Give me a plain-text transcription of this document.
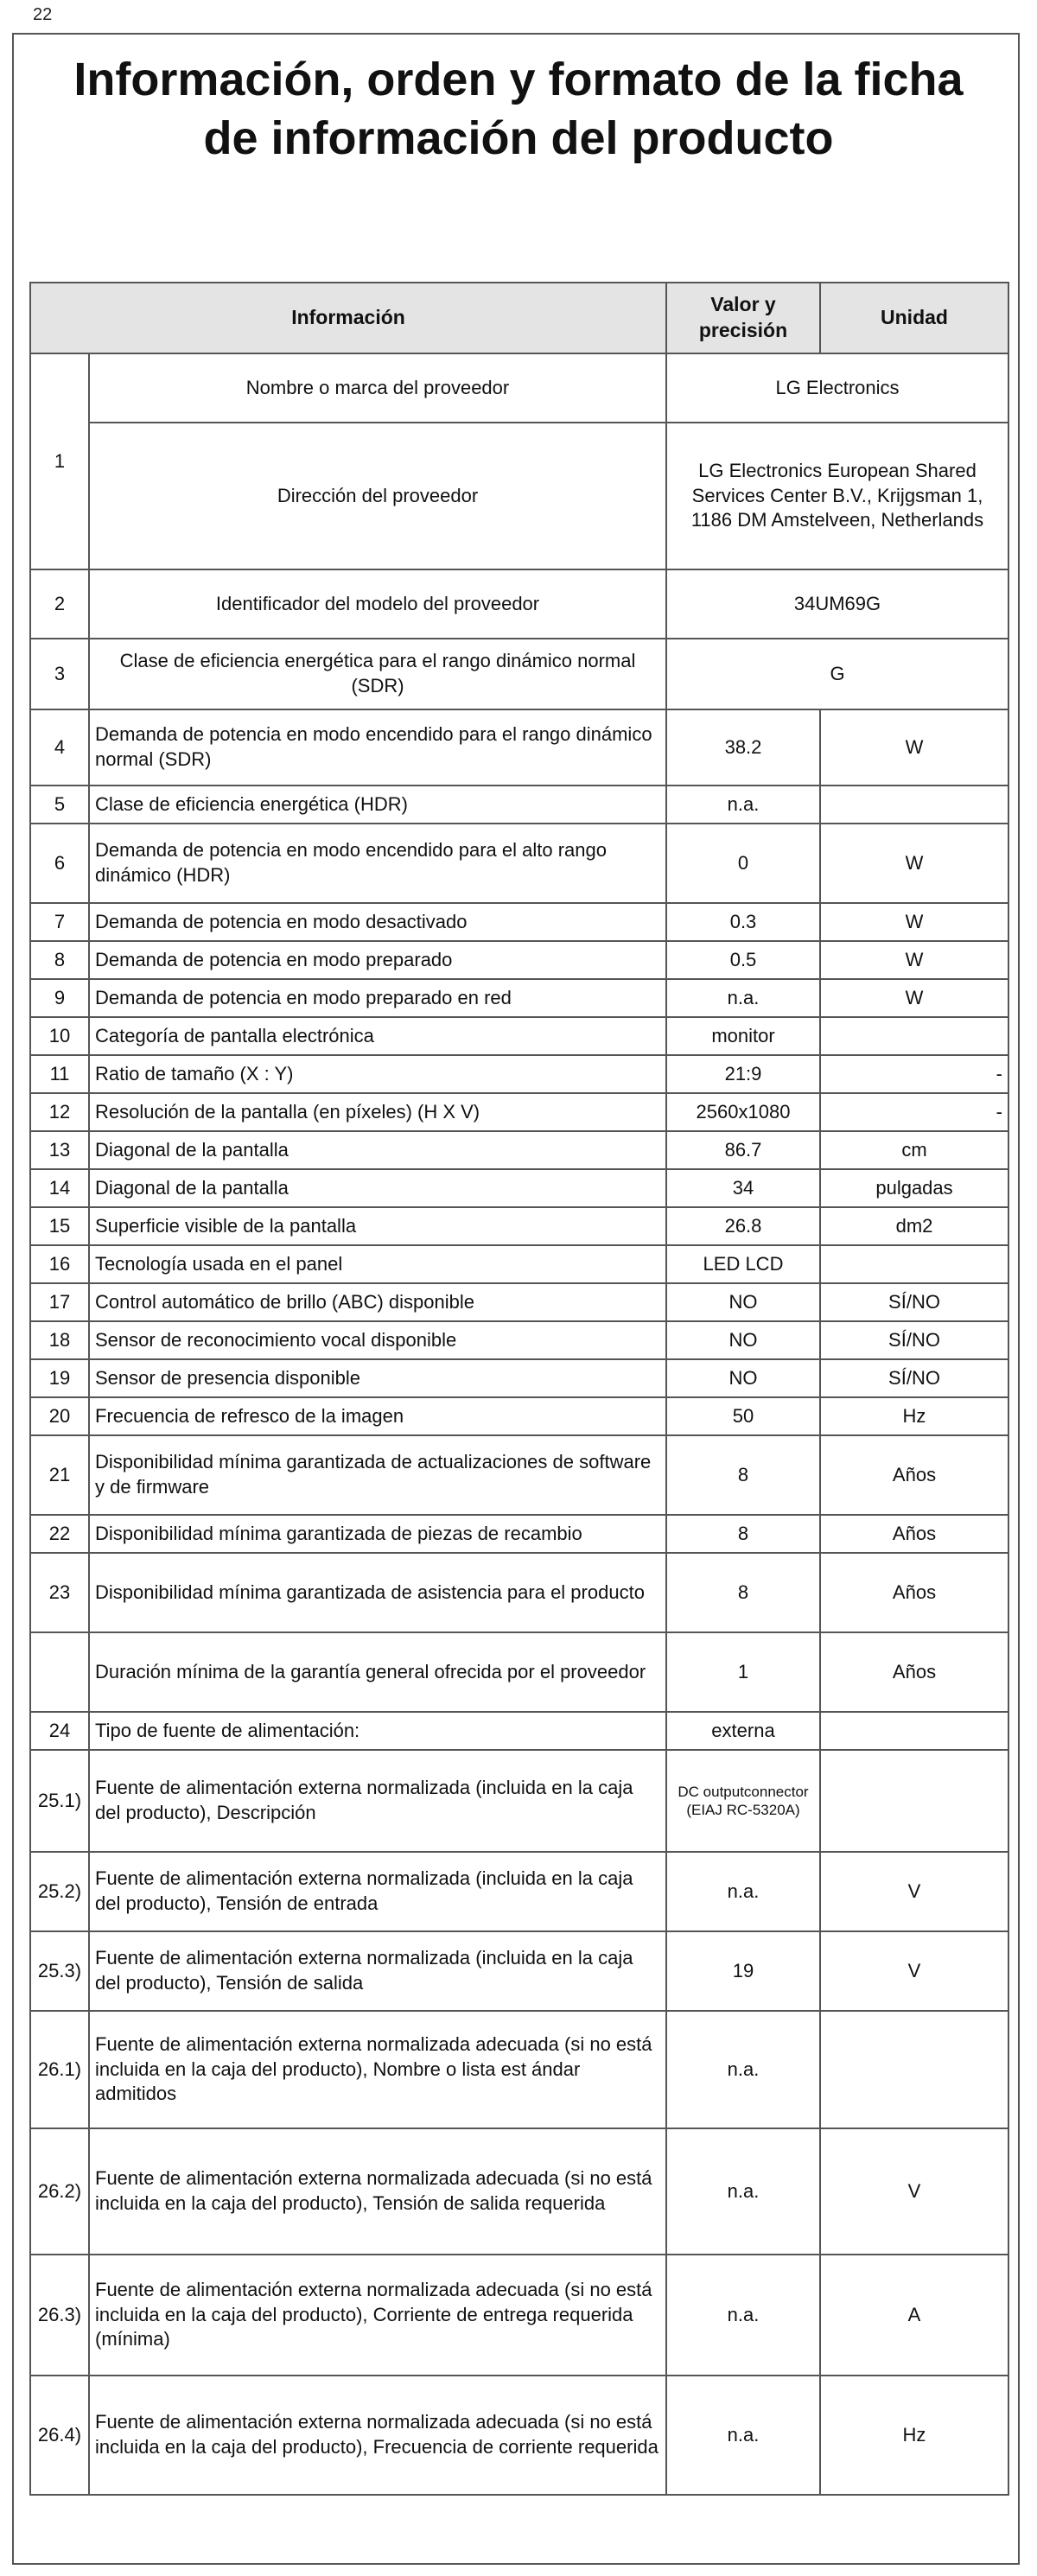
22
Información, orden y formato de la ficha
de información del producto
Información		Valor y precisión	Unidad
1	Nombre o marca del proveedor	LG Electronics	
	Dirección del proveedor	LG Electronics European Shared Services Center B.V., Krijgsman 1, 1186 DM Amstelveen, Netherlands	
2	Identificador del modelo del proveedor	34UM69G	
3	Clase de eficiencia energética para el rango dinámico normal (SDR)	G	
4	Demanda de potencia en modo encendido para el rango dinámico normal (SDR)	38.2	W
5	Clase de eficiencia energética (HDR)	n.a.	
6	Demanda de potencia en modo encendido para el alto rango dinámico (HDR)	0	W
7	Demanda de potencia en modo desactivado	0.3	W
8	Demanda de potencia en modo preparado	0.5	W
9	Demanda de potencia en modo preparado en red	n.a.	W
10	Categoría de pantalla electrónica	monitor	
11	Ratio de tamaño (X : Y)	21:9	-
12	Resolución de la pantalla (en píxeles) (H X V)	2560x1080	-
13	Diagonal de la pantalla	86.7	cm
14	Diagonal de la pantalla	34	pulgadas
15	Superficie visible de la pantalla	26.8	dm2
16	Tecnología usada en el panel	LED LCD	
17	Control automático de brillo (ABC) disponible	NO	SÍ/NO
18	Sensor de reconocimiento vocal disponible	NO	SÍ/NO
19	Sensor de presencia disponible	NO	SÍ/NO
20	Frecuencia de refresco de la imagen	50	Hz
21	Disponibilidad mínima garantizada de actualizaciones de software y de firmware	8	Años
22	Disponibilidad mínima garantizada de piezas de recambio	8	Años
23	Disponibilidad mínima garantizada de asistencia para el producto	8	Años
	Duración mínima de la garantía general ofrecida por el proveedor	1	Años
24	Tipo de fuente de alimentación:	externa	
25.1)	Fuente de alimentación externa normalizada (incluida en la caja del producto), Descripción	DC outputconnector (EIAJ RC-5320A)	
25.2)	Fuente de alimentación externa normalizada (incluida en la caja del producto), Tensión de entrada	n.a.	V
25.3)	Fuente de alimentación externa normalizada (incluida en la caja del producto), Tensión de salida	19	V
26.1)	Fuente de alimentación externa normalizada adecuada (si no está incluida en la caja del producto), Nombre o lista est ándar admitidos	n.a.	
26.2)	Fuente de alimentación externa normalizada adecuada (si no está incluida en la caja del producto), Tensión de salida requerida	n.a.	V
26.3)	Fuente de alimentación externa normalizada adecuada (si no está incluida en la caja del producto), Corriente de entrega requerida (mínima)	n.a.	A
26.4)	Fuente de alimentación externa normalizada adecuada (si no está incluida en la caja del producto), Frecuencia de corriente requerida	n.a.	Hz
